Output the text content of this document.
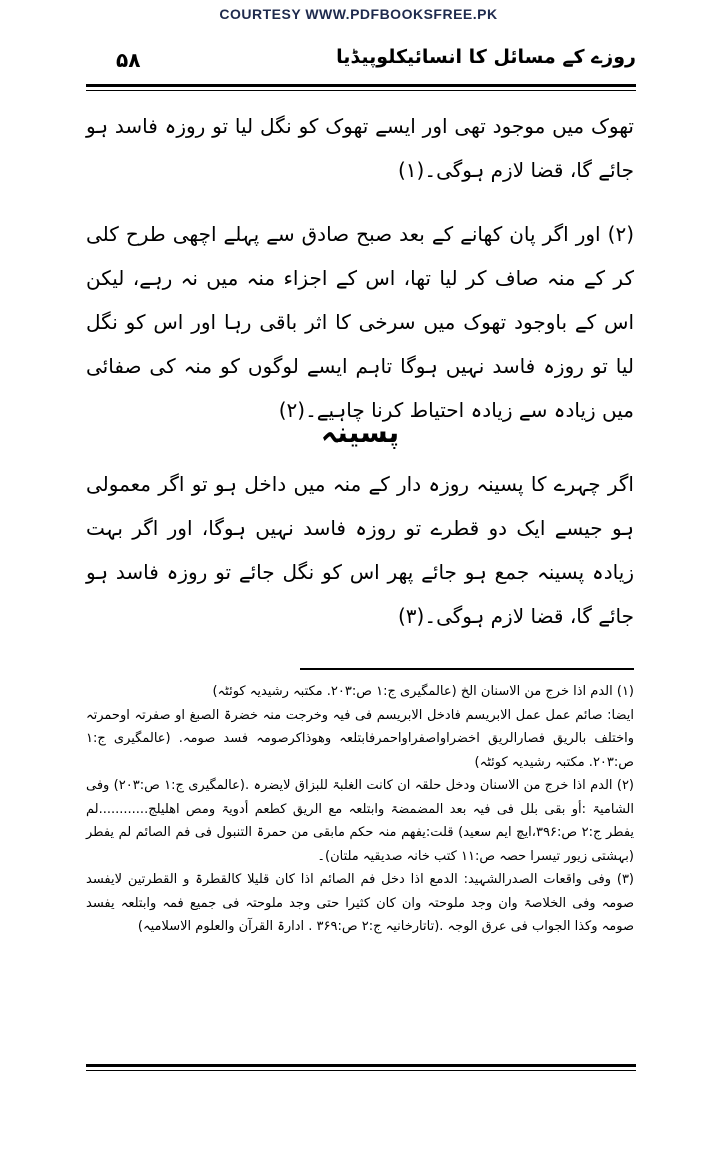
COURTESY WWW.PDFBOOKSFREE.PK
روزے کے مسائل کا انسائیکلوپیڈیا
۵۸

تھوک میں موجود تھی اور ایسے تھوک کو نگل لیا تو روزہ فاسد ہو جائے گا، قضا لازم ہوگی۔(۱)

(۲) اور اگر پان کھانے کے بعد صبح صادق سے پہلے اچھی طرح کلی کر کے منہ صاف کر لیا تھا، اس کے اجزاء منہ میں نہ رہے، لیکن اس کے باوجود تھوک میں سرخی کا اثر باقی رہا اور اس کو نگل لیا تو روزہ فاسد نہیں ہوگا تاہم ایسے لوگوں کو منہ کی صفائی میں زیادہ سے زیادہ احتیاط کرنا چاہیے۔(۲)

پسینہ

اگر چہرے کا پسینہ روزہ دار کے منہ میں داخل ہو تو اگر معمولی ہو جیسے ایک دو قطرے تو روزہ فاسد نہیں ہوگا، اور اگر بہت زیادہ پسینہ جمع ہو جائے پھر اس کو نگل جائے تو روزہ فاسد ہو جائے گا، قضا لازم ہوگی۔(۳)

(۱) الدم اذا خرج من الاسنان الخ (عالمگیری ج:۱ ص:۲۰۳. مکتبہ رشیدیہ کوئٹہ)

ایضا: صائم عمل عمل الابریسم فادخل الابریسم فی فیہ وخرجت منہ خضرۃ الصبغ او صفرتہ اوحمرتہ واختلف بالریق فصارالریق اخضراواصفراواحمرفابتلعہ وھوذاکرصومہ فسد صومہ. (عالمگیری ج:۱ ص:۲۰۳. مکتبہ رشیدیہ کوئٹہ)

(۲) الدم اذا خرج من الاسنان ودخل حلقہ ان کانت الغلبۃ للبزاق لایضرہ .(عالمگیری ج:۱ ص:۲۰۳) وفی الشامیۃ :أو بقی بلل فی فیہ بعد المضمضۃ وابتلعہ مع الریق کطعم أدویۃ ومص اھلیلج............لم یفطر ج:۲ ص:۳۹۶،ایچ ایم سعید) قلت:یفھم منہ حکم مابقی من حمرۃ التنبول فی فم الصائم لم یفطر (بہشتی زیور تیسرا حصہ ص:۱۱ کتب خانہ صدیقیہ ملتان)۔

(۳) وفی واقعات الصدرالشہید: الدمع اذا دخل فم الصائم اذا کان قلیلا کالقطرۃ و القطرتین لایفسد صومہ وفی الخلاصۃ وان وجد ملوحتہ وان کان کثیرا حتی وجد ملوحتہ فی جمیع فمہ وابتلعہ یفسد صومہ وکذا الجواب فی عرق الوجہ .(تاتارخانیہ ج:۲ ص:۳۶۹ . ادارۃ القرآن والعلوم الاسلامیہ)
